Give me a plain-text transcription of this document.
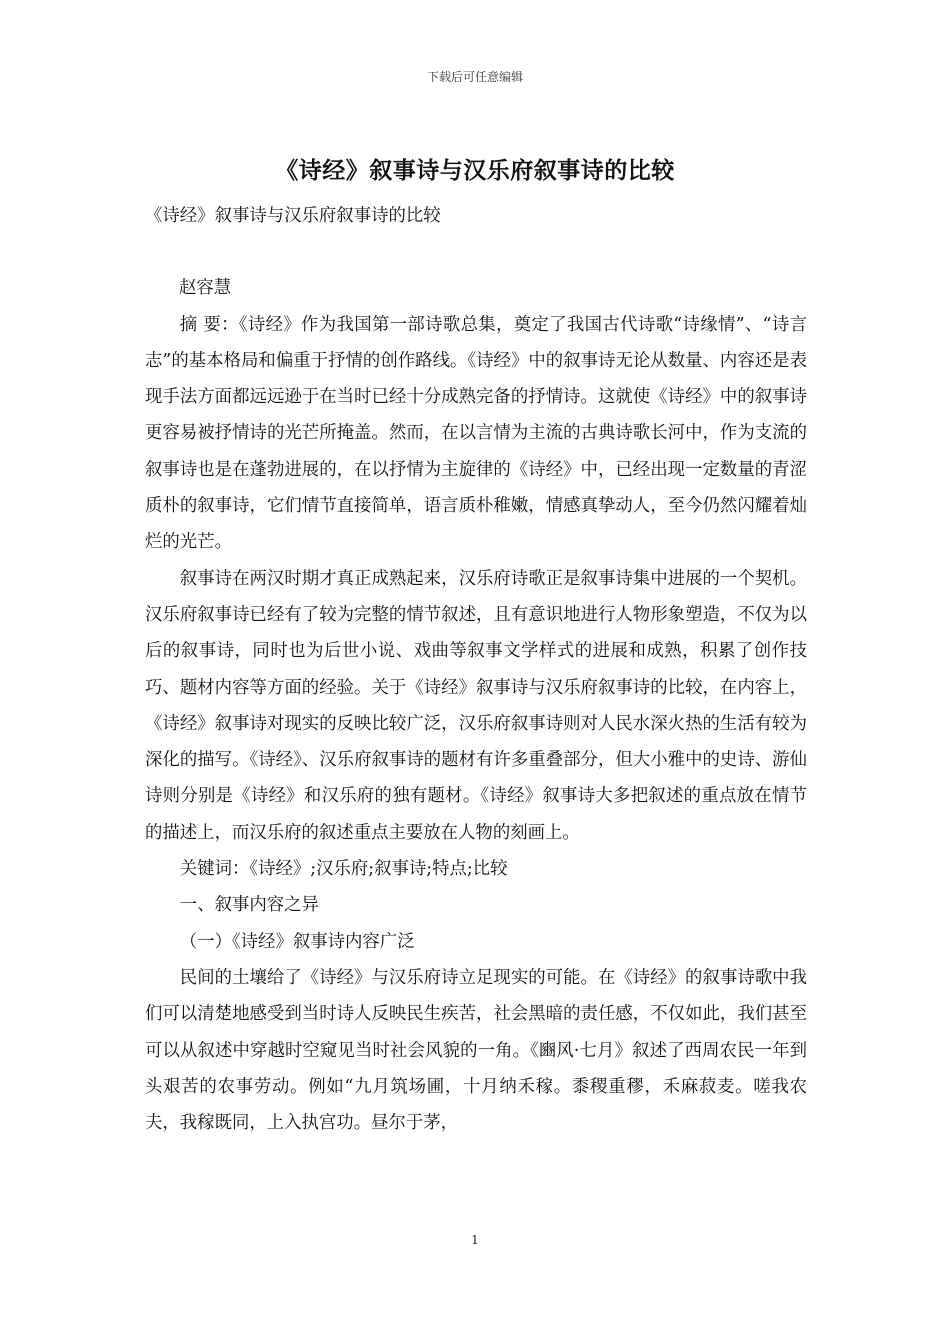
下载后可任意编辑
《诗经》叙事诗与汉乐府叙事诗的比较

《诗经》叙事诗与汉乐府叙事诗的比较

赵容慧

摘 要：《诗经》作为我国第一部诗歌总集，奠定了我国古代诗歌“诗缘情”、“诗言志”的基本格局和偏重于抒情的创作路线。《诗经》中的叙事诗无论从数量、内容还是表现手法方面都远远逊于在当时已经十分成熟完备的抒情诗。这就使《诗经》中的叙事诗更容易被抒情诗的光芒所掩盖。然而，在以言情为主流的古典诗歌长河中，作为支流的叙事诗也是在蓬勃进展的，在以抒情为主旋律的《诗经》中，已经出现一定数量的青涩质朴的叙事诗，它们情节直接简单，语言质朴稚嫩，情感真挚动人，至今仍然闪耀着灿烂的光芒。

叙事诗在两汉时期才真正成熟起来，汉乐府诗歌正是叙事诗集中进展的一个契机。汉乐府叙事诗已经有了较为完整的情节叙述，且有意识地进行人物形象塑造，不仅为以后的叙事诗，同时也为后世小说、戏曲等叙事文学样式的进展和成熟，积累了创作技巧、题材内容等方面的经验。关于《诗经》叙事诗与汉乐府叙事诗的比较，在内容上，《诗经》叙事诗对现实的反映比较广泛，汉乐府叙事诗则对人民水深火热的生活有较为深化的描写。《诗经》、汉乐府叙事诗的题材有许多重叠部分，但大小雅中的史诗、游仙诗则分别是《诗经》和汉乐府的独有题材。《诗经》叙事诗大多把叙述的重点放在情节的描述上，而汉乐府的叙述重点主要放在人物的刻画上。

关键词：《诗经》;汉乐府;叙事诗;特点;比较

一、叙事内容之异

（一）《诗经》叙事诗内容广泛

民间的土壤给了《诗经》与汉乐府诗立足现实的可能。在《诗经》的叙事诗歌中我们可以清楚地感受到当时诗人反映民生疾苦，社会黑暗的责任感，不仅如此，我们甚至可以从叙述中穿越时空窥见当时社会风貌的一角。《豳风·七月》叙述了西周农民一年到头艰苦的农事劳动。例如“九月筑场圃，十月纳禾稼。黍稷重穋，禾麻菽麦。嗟我农夫，我稼既同，上入执宫功。昼尔于茅，

1
